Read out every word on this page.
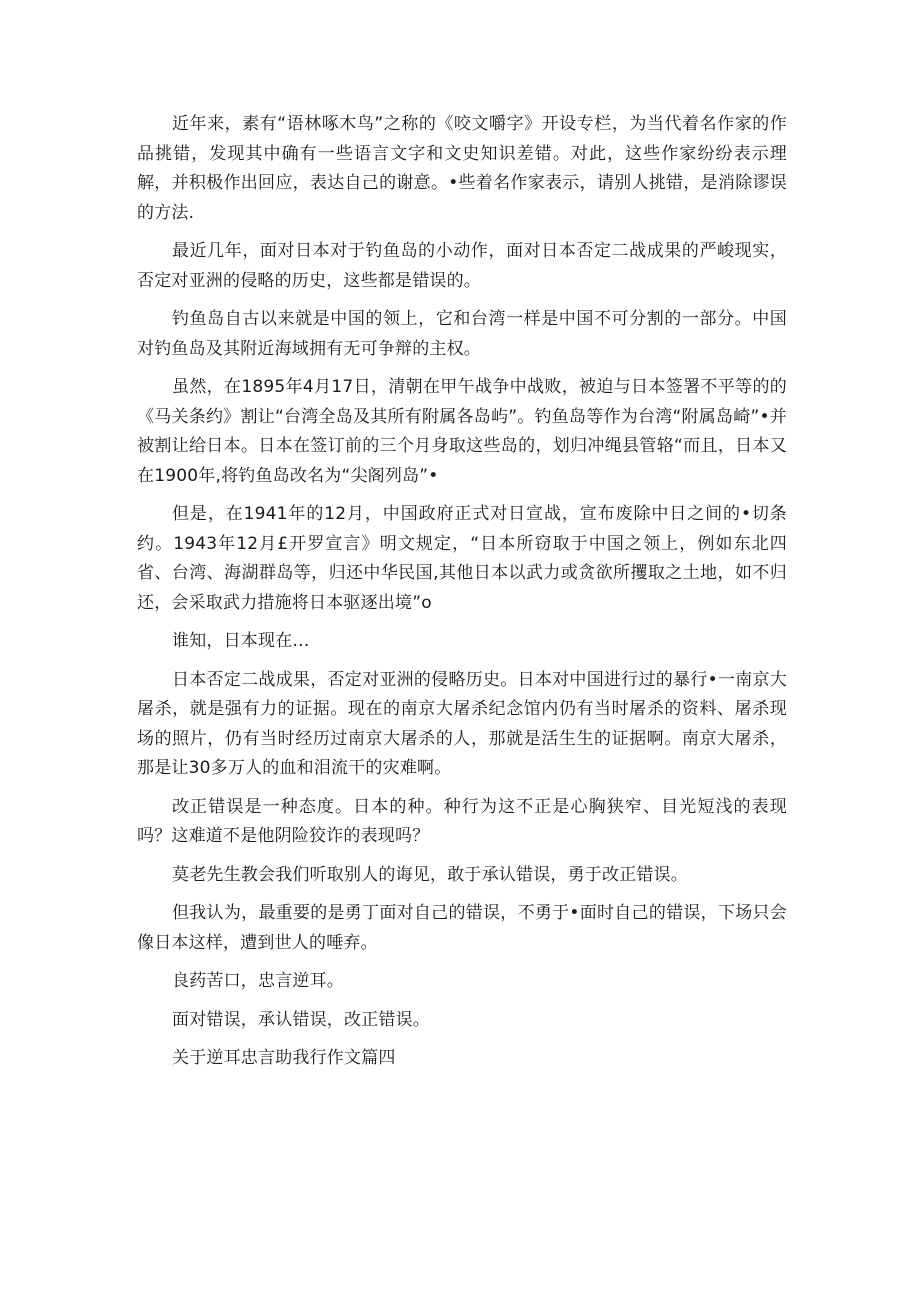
近年来，素有“语林啄木鸟”之称的《咬文嚼字》开设专栏，为当代着名作家的作品挑错，发现其中确有一些语言文字和文史知识差错。对此，这些作家纷纷表示理解，并积极作出回应，表达自己的谢意。•些着名作家表示，请别人挑错，是消除谬误的方法.

最近几年，面对日本对于钓鱼岛的小动作，面对日本否定二战成果的严峻现实，否定对亚洲的侵略的历史，这些都是错误的。

钓鱼岛自古以来就是中国的领上，它和台湾一样是中国不可分割的一部分。中国对钓鱼岛及其附近海域拥有无可争辩的主权。

虽然，在1895年4月17日，清朝在甲午战争中战败，被迫与日本签署不平等的的《马关条约》割让“台湾全岛及其所有附属各岛屿”。钓鱼岛等作为台湾“附属岛崎”•并被割让给日本。日本在签订前的三个月身取这些岛的，划归冲绳县管辂“而且，日本又在1900年,将钓鱼岛改名为“尖阁列岛”•

但是，在1941年的12月，中国政府正式对日宣战，宣布废除中日之间的•切条约。1943年12月£开罗宣言》明文规定，“日本所窃取于中国之领上，例如东北四省、台湾、海湖群岛等，归还中华民国,其他日本以武力或贪欲所攫取之土地，如不归还，会采取武力措施将日本驱逐出境”o

谁知，日本现在…

日本否定二战成果，否定对亚洲的侵略历史。日本对中国进行过的暴行•一南京大屠杀，就是强有力的证据。现在的南京大屠杀纪念馆内仍有当时屠杀的资料、屠杀现场的照片，仍有当时经历过南京大屠杀的人，那就是活生生的证据啊。南京大屠杀，那是让30多万人的血和泪流干的灾难啊。

改正错误是一种态度。日本的种。种行为这不正是心胸狭窄、目光短浅的表现吗？这难道不是他阴险狡诈的表现吗？

莫老先生教会我们听取别人的诲见，敢于承认错误，勇于改正错误。

但我认为，最重要的是勇丁面对自己的错误，不勇于•面时自己的错误，下场只会像日本这样，遭到世人的唾弃。

良药苦口，忠言逆耳。

面对错误，承认错误，改正错误。

关于逆耳忠言助我行作文篇四
